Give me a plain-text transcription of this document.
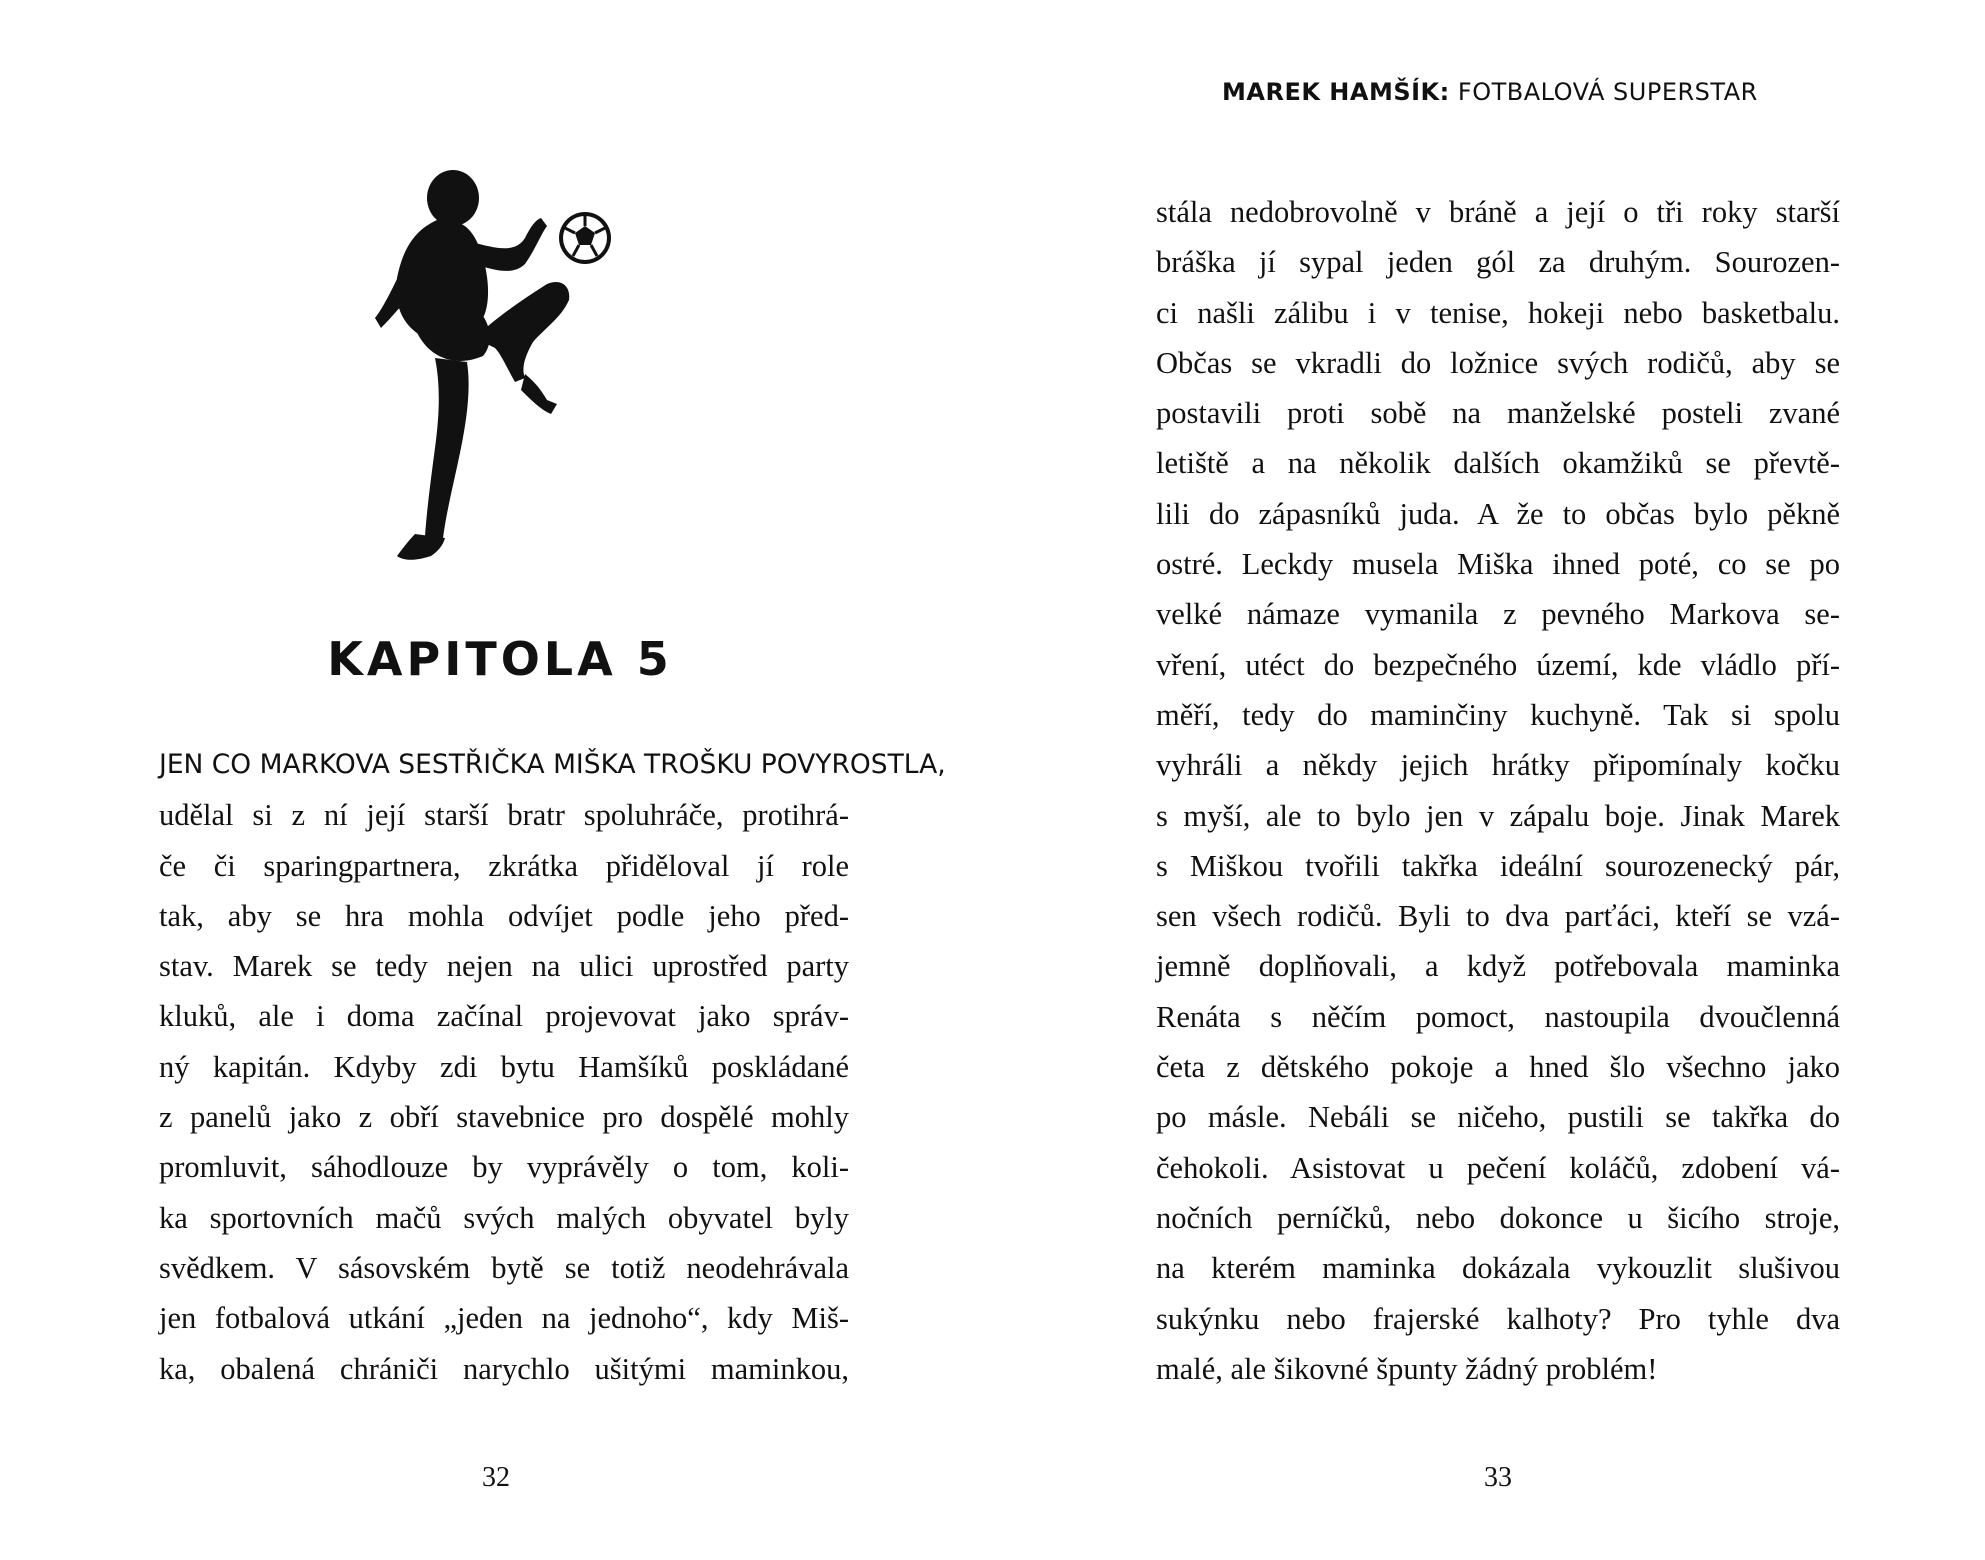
KAPITOLA 5
JEN CO MARKOVA SESTŘIČKA MIŠKA TROŠKU POVYROSTLA,
udělal si z ní její starší bratr spoluhráče, protihrá-
če či sparingpartnera, zkrátka přiděloval jí role
tak, aby se hra mohla odvíjet podle jeho před-
stav. Marek se tedy nejen na ulici uprostřed party
kluků, ale i doma začínal projevovat jako správ-
ný kapitán. Kdyby zdi bytu Hamšíků poskládané
z panelů jako z obří stavebnice pro dospělé mohly
promluvit, sáhodlouze by vyprávěly o tom, koli-
ka sportovních mačů svých malých obyvatel byly
svědkem. V sásovském bytě se totiž neodehrávala
jen fotbalová utkání „jeden na jednoho“, kdy Miš-
ka, obalená chrániči narychlo ušitými maminkou,
32
MAREK HAMŠÍK: FOTBALOVÁ SUPERSTAR
stála nedobrovolně v bráně a její o tři roky starší
bráška jí sypal jeden gól za druhým. Sourozen-
ci našli zálibu i v tenise, hokeji nebo basketbalu.
Občas se vkradli do ložnice svých rodičů, aby se
postavili proti sobě na manželské posteli zvané
letiště a na několik dalších okamžiků se převtě-
lili do zápasníků juda. A že to občas bylo pěkně
ostré. Leckdy musela Miška ihned poté, co se po
velké námaze vymanila z pevného Markova se-
vření, utéct do bezpečného území, kde vládlo pří-
měří, tedy do maminčiny kuchyně. Tak si spolu
vyhráli a někdy jejich hrátky připomínaly kočku
s myší, ale to bylo jen v zápalu boje. Jinak Marek
s Miškou tvořili takřka ideální sourozenecký pár,
sen všech rodičů. Byli to dva parťáci, kteří se vzá-
jemně doplňovali, a když potřebovala maminka
Renáta s něčím pomoct, nastoupila dvoučlenná
četa z dětského pokoje a hned šlo všechno jako
po másle. Nebáli se ničeho, pustili se takřka do
čehokoli. Asistovat u pečení koláčů, zdobení vá-
nočních perníčků, nebo dokonce u šicího stroje,
na kterém maminka dokázala vykouzlit slušivou
sukýnku nebo frajerské kalhoty? Pro tyhle dva
malé, ale šikovné špunty žádný problém!
33
